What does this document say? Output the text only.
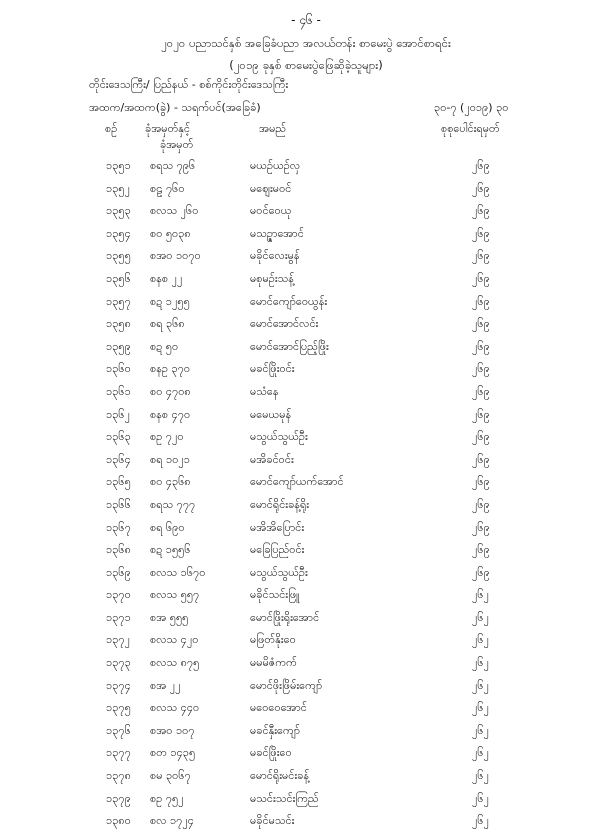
- ၄၆ -
၂၀၂၀ ပညာသင်နှစ် အခြေခံပညာ အလယ်တန်း စာမေးပွဲ အောင်စာရင်း
(၂၀၁၉ ခုနှစ် စာမေးပွဲဖြေဆိုခဲ့သူများ)
တိုင်းဒေသကြီး/ ပြည်နယ် - စစ်ကိုင်းတိုင်းဒေသကြီး
အထက/အထက(ခွဲ) - သရက်ပင်(အခြေခံ)	၃၀-၇ (၂၀၁၉) ၃၀
စဉ်	ခုံအမှတ်နှင့်
ခုံအမှတ်
အမည်	စုစုပေါင်းရမှတ်
၁၃၅၁ စရသ ၇၉၆	မယဉ်ယဉ်လှ	၂၆၉
၁၃၅၂ စဠ ၇၆၀	မဈေးမဝင်	၂၆၉
၁၃၅၃ စလသ ၂၆၀	မဝင်ဝေယု	၂၆၉
၁၃၅၄ စဝ ၅၀၃၈	မသဉ္ဇာအောင်	၂၆၉
၁၃၅၅ စအဝ ၁၀၇၀	မခိုင်လေးမွန်	၂၆၉
၁၃၅၆ စနစ ၂၂	မစုမဉ်းသန့်	၂၆၉
၁၃၅၇ စဍ ၁၂၅၅	မောင်ကျော်ဝေယွန်း	၂၆၉
၁၃၅၈ စရ ၃၆၈	မောင်အောင်လင်း	၂၆၉
၁၃၅၉ စဍ ၅၀	မောင်အောင်ပြည့်ဖြိုး	၂၆၉
၁၃၆၀ စနဥ ၃၇၀	မခင်ဖြိုးဝင်း	၂၆၉
၁၃၆၁ စဝ ၄၇၀၈	မသံနေ	၂၆၉
၁၃၆၂ စနစ ၄၇၀	မမေယမုန်	၂၆၉
၁၃၆၃ စဥ ၇၂၀	မသွယ်သွယ်ဦး	၂၆၉
၁၃၆၄ စရ ၁၀၂၁	မအိခင်ဝင်း	၂၆၉
၁၃၆၅ စဝ ၄၃၆၈	မောင်ကျော်ယက်အောင်	၂၆၉
၁၃၆၆ စရသ ၇၇၇	မောင်ရိုင်းခန့်ရိုး	၂၆၉
၁၃၆၇ စရ ၆၉၀	မအိအိပြောင်း	၂၆၉
၁၃၆၈ စဍ ၁၅၅၆	မခြေပြည်ဝင်း	၂၆၉
၁၃၆၉ စလသ ၁၆၇၀	မသွယ်သွယ်ဦး	၂၆၉
၁၃၇၀ စလသ ၅၅၇	မခိုင်သင်းဖြူ	၂၆၂
၁၃၇၁ စအ ၅၅၅	မောင်ဖြိုးရိုးအောင်	၂၆၂
၁၃၇၂ စလသ ၄၂၀	မဖြတ်နိုးဝေ	၂၆၂
၁၃၇၃ စလသ ၈၇၅	မမမိဇံကက်	၂၆၂
၁၃၇၄ စအ ၂၂	မောင်ဖိုးဖြိမ်းကျော်	၂၆၂
၁၃၇၅ စလသ ၄၄၀	မဝေဝေအောင်	၂၆၂
၁၃၇၆ စအဝ ၁၀၇	မခင်နှီးကျော်	၂၆၂
၁၃၇၇ စတ ၁၄၃၅	မခင်ဖြိုးဝေ	၂၆၂
၁၃၇၈ စမ ၃၀၆၇	မောင်ရိုးမင်းခန့်	၂၆၂
၁၃၇၉ စဥ ၇၅၂	မသင်းသင်းကြည်	၂၆၂
၁၃၈၀ စလ ၁၇၂၄	မခိုင်မသင်း	၂၆၂
